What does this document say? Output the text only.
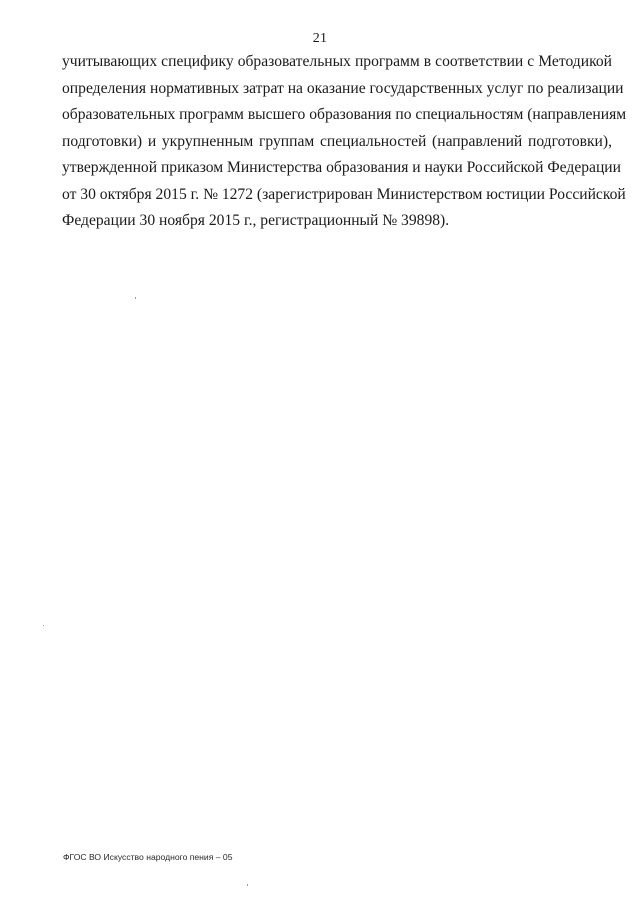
21
учитывающих специфику образовательных программ в соответствии с Методикой
определения нормативных затрат на оказание государственных услуг по реализации
образовательных программ высшего образования по специальностям (направлениям
подготовки) и укрупненным группам специальностей (направлений подготовки),
утвержденной приказом Министерства образования и науки Российской Федерации
от 30 октября 2015 г. № 1272 (зарегистрирован Министерством юстиции Российской
Федерации 30 ноября 2015 г., регистрационный № 39898).
ФГОС ВО Искусство народного пения – 05
